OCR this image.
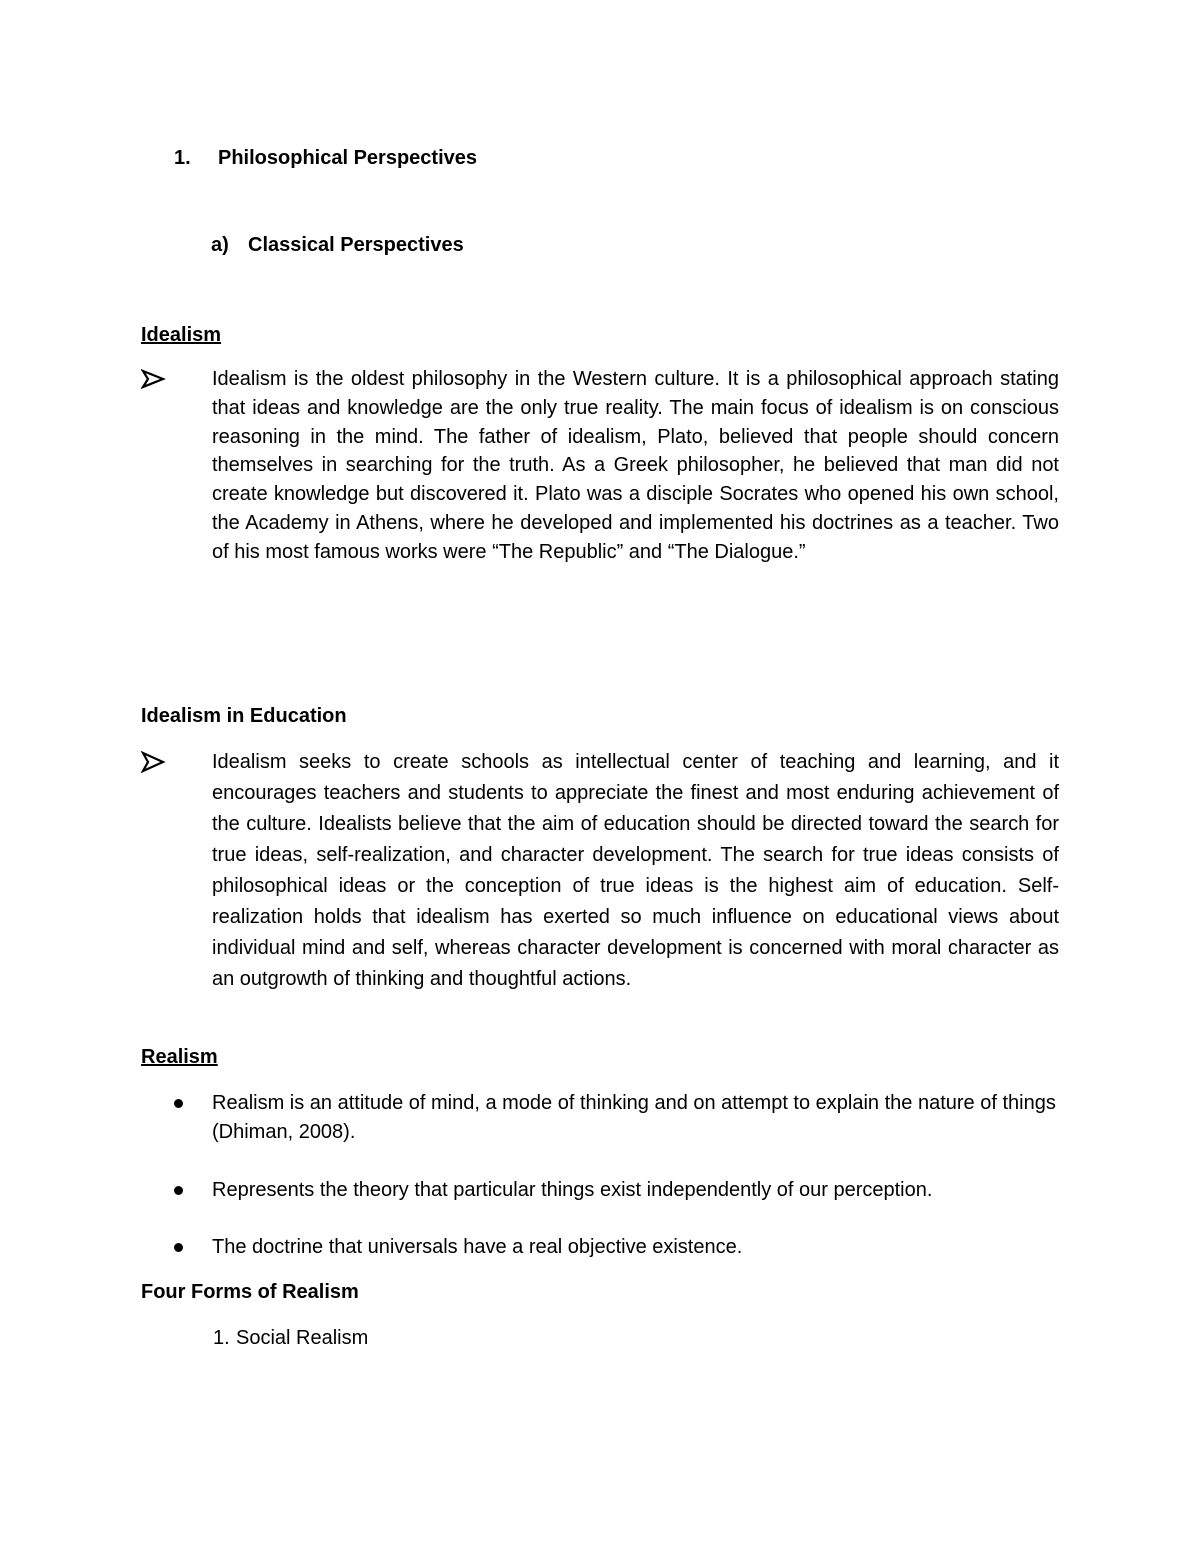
1. Philosophical Perspectives
a) Classical Perspectives
Idealism

Idealism is the oldest philosophy in the Western culture. It is a philosophical approach stating that ideas and knowledge are the only true reality. The main focus of idealism is on conscious reasoning in the mind. The father of idealism, Plato, believed that people should concern themselves in searching for the truth. As a Greek philosopher, he believed that man did not create knowledge but discovered it. Plato was a disciple Socrates who opened his own school, the Academy in Athens, where he developed and implemented his doctrines as a teacher. Two of his most famous works were “The Republic” and “The Dialogue.”

Idealism in Education

Idealism seeks to create schools as intellectual center of teaching and learning, and it encourages teachers and students to appreciate the finest and most enduring achievement of the culture. Idealists believe that the aim of education should be directed toward the search for true ideas, self-realization, and character development. The search for true ideas consists of philosophical ideas or the conception of true ideas is the highest aim of education. Self-realization holds that idealism has exerted so much influence on educational views about individual mind and self, whereas character development is concerned with moral character as an outgrowth of thinking and thoughtful actions.

Realism

Realism is an attitude of mind, a mode of thinking and on attempt to explain the nature of things (Dhiman, 2008).

Represents the theory that particular things exist independently of our perception.

The doctrine that universals have a real objective existence.

Four Forms of Realism
1. Social Realism
